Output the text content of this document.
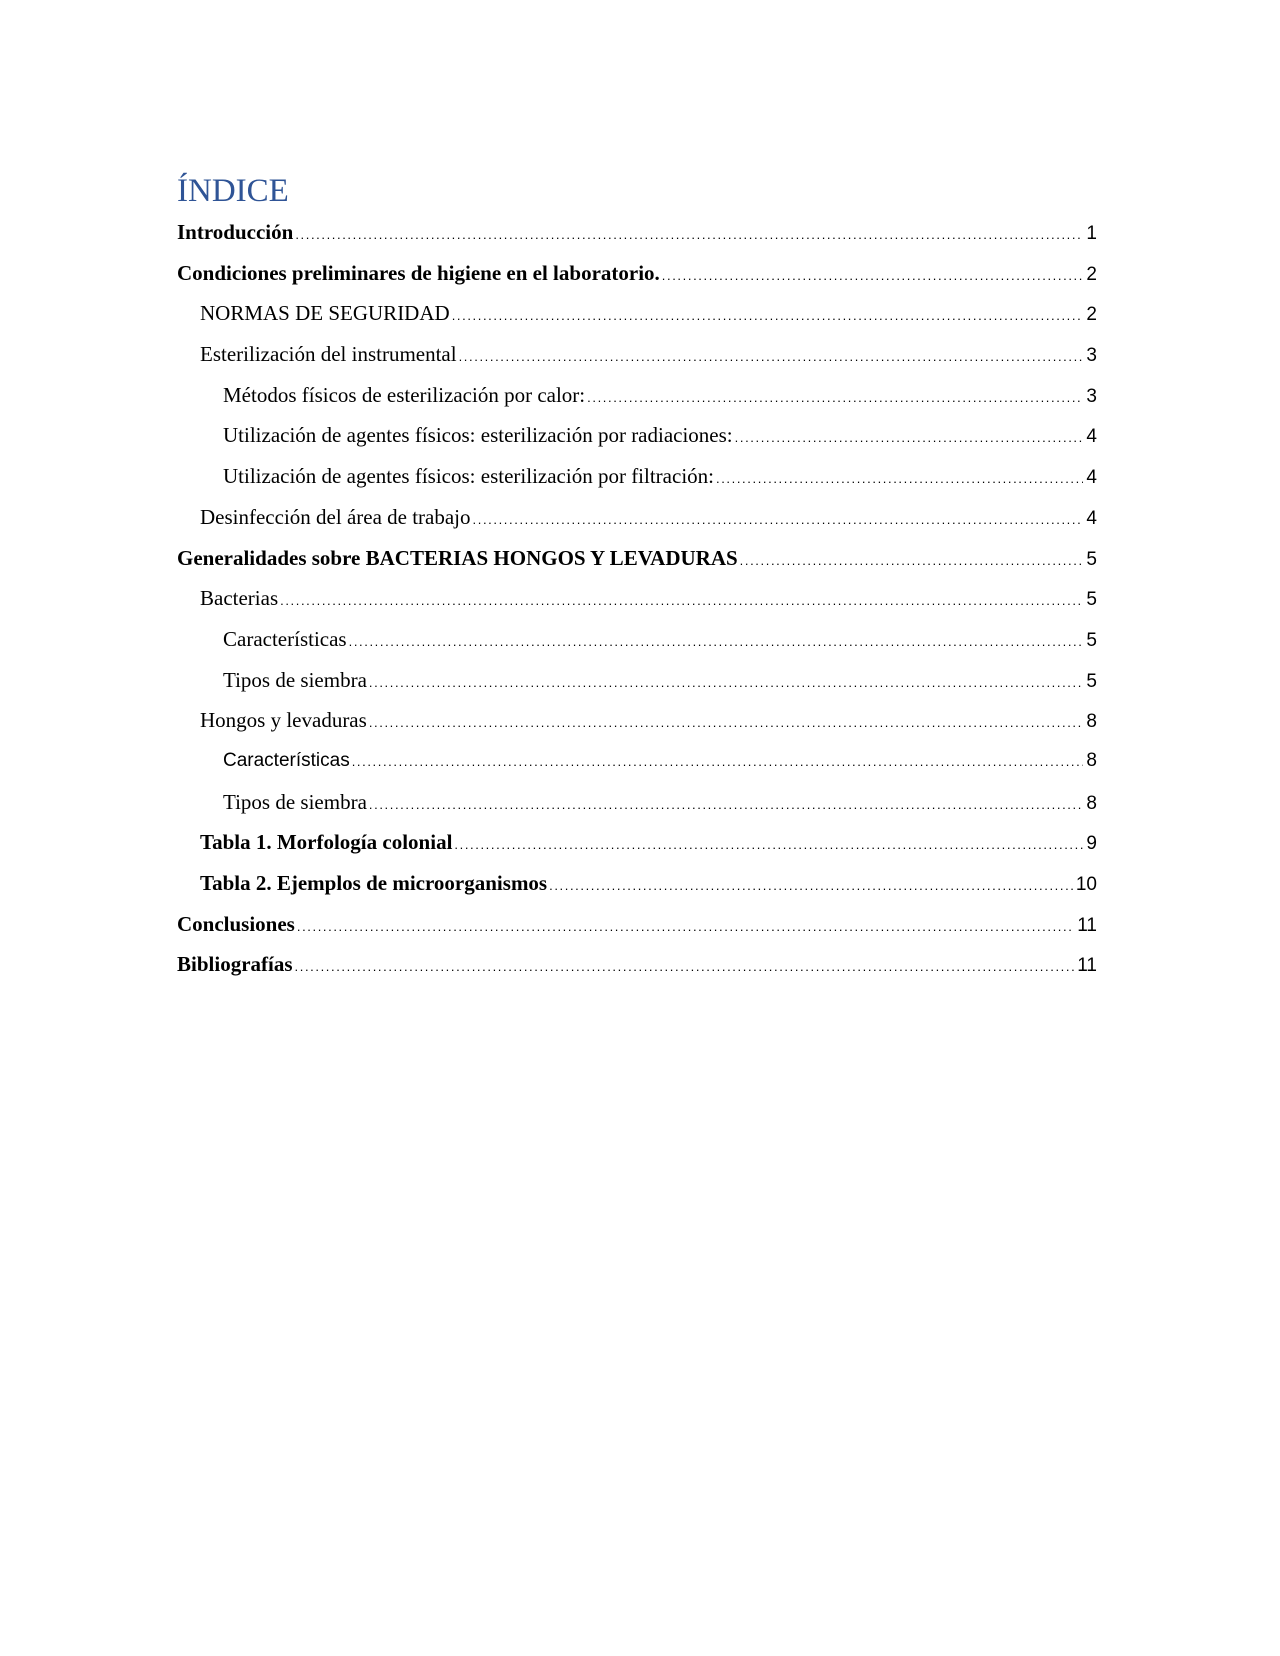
ÍNDICE
Introducción .....	1
Condiciones preliminares de higiene en el laboratorio. .....	2
NORMAS DE SEGURIDAD .....	2
Esterilización del instrumental .....	3
Métodos físicos de esterilización por calor: .....	3
Utilización de agentes físicos: esterilización por radiaciones: .....	4
Utilización de agentes físicos: esterilización por filtración: .....	4
Desinfección del área de trabajo .....	4
Generalidades sobre BACTERIAS HONGOS Y LEVADURAS .....	5
Bacterias .....	5
Características .....	5
Tipos de siembra .....	5
Hongos y levaduras .....	8
Características .....	8
Tipos de siembra .....	8
Tabla 1. Morfología colonial .....	9
Tabla 2. Ejemplos de microorganismos .....	10
Conclusiones .....	11
Bibliografías .....	11
